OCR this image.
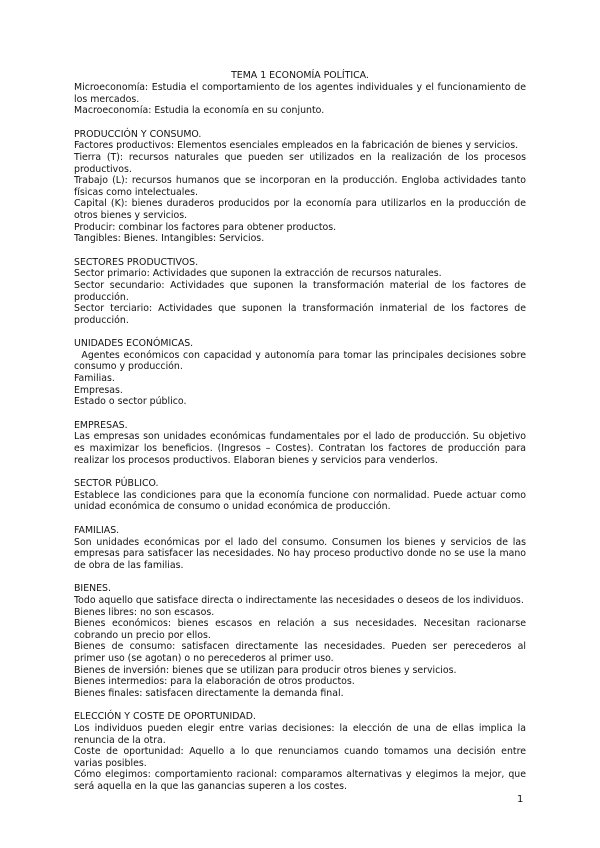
TEMA 1 ECONOMÍA POLÍTICA.

Microeconomía: Estudia el comportamiento de los agentes individuales y el funcionamiento de los mercados.

Macroeconomía: Estudia la economía en su conjunto.

PRODUCCIÓN Y CONSUMO.

Factores productivos: Elementos esenciales empleados en la fabricación de bienes y servicios.

Tierra (T): recursos naturales que pueden ser utilizados en la realización de los procesos productivos.

Trabajo (L): recursos humanos que se incorporan en la producción. Engloba actividades tanto físicas como intelectuales.

Capital (K): bienes duraderos producidos por la economía para utilizarlos en la producción de otros bienes y servicios.

Producir: combinar los factores para obtener productos.

Tangibles: Bienes. Intangibles: Servicios.

SECTORES PRODUCTIVOS.

Sector primario: Actividades que suponen la extracción de recursos naturales.

Sector secundario: Actividades que suponen la transformación material de los factores de producción.

Sector terciario: Actividades que suponen la transformación inmaterial de los factores de producción.

UNIDADES ECONÓMICAS.

Agentes económicos con capacidad y autonomía para tomar las principales decisiones sobre consumo y producción.

Familias.

Empresas.

Estado o sector público.

EMPRESAS.

Las empresas son unidades económicas fundamentales por el lado de producción. Su objetivo es maximizar los beneficios. (Ingresos – Costes). Contratan los factores de producción para realizar los procesos productivos. Elaboran bienes y servicios para venderlos.

SECTOR PÚBLICO.

Establece las condiciones para que la economía funcione con normalidad. Puede actuar como unidad económica de consumo o unidad económica de producción.

FAMILIAS.

Son unidades económicas por el lado del consumo. Consumen los bienes y servicios de las empresas para satisfacer las necesidades. No hay proceso productivo donde no se use la mano de obra de las familias.

BIENES.

Todo aquello que satisface directa o indirectamente las necesidades o deseos de los individuos.

Bienes libres: no son escasos.

Bienes económicos: bienes escasos en relación a sus necesidades. Necesitan racionarse cobrando un precio por ellos.

Bienes de consumo: satisfacen directamente las necesidades. Pueden ser perecederos al primer uso (se agotan) o no perecederos al primer uso.

Bienes de inversión: bienes que se utilizan para producir otros bienes y servicios.

Bienes intermedios: para la elaboración de otros productos.

Bienes finales: satisfacen directamente la demanda final.

ELECCIÓN Y COSTE DE OPORTUNIDAD.

Los individuos pueden elegir entre varias decisiones: la elección de una de ellas implica la renuncia de la otra.

Coste de oportunidad: Aquello a lo que renunciamos cuando tomamos una decisión entre varias posibles.

Cómo elegimos: comportamiento racional: comparamos alternativas y elegimos la mejor, que será aquella en la que las ganancias superen a los costes.

1
